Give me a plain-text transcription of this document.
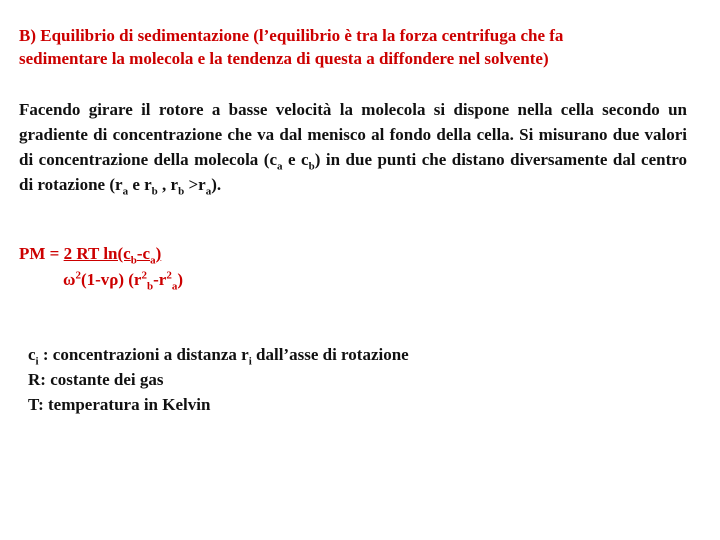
B) Equilibrio di sedimentazione (l’equilibrio è tra la forza centrifuga che fa
sedimentare la molecola e la tendenza di questa a diffondere nel solvente)
Facendo girare il rotore a basse velocità la molecola si dispone nella cella secondo un gradiente di concentrazione che va dal menisco al fondo della cella. Si misurano due valori di concentrazione della molecola ($c_a$ e $c_b$) in due punti che distano diversamente dal centro di rotazione ($r_a$ e $r_b$ , $r_b >r_a$).
PM = 2 RT $\ln(c_b-c_a)$
$\omega^2(1-v\rho)$ $(r^2_b-r^2_a)$
$c_i$ : concentrazioni a distanza $r_i$ dall’asse di rotazione
R: costante dei gas
T: temperatura in Kelvin
